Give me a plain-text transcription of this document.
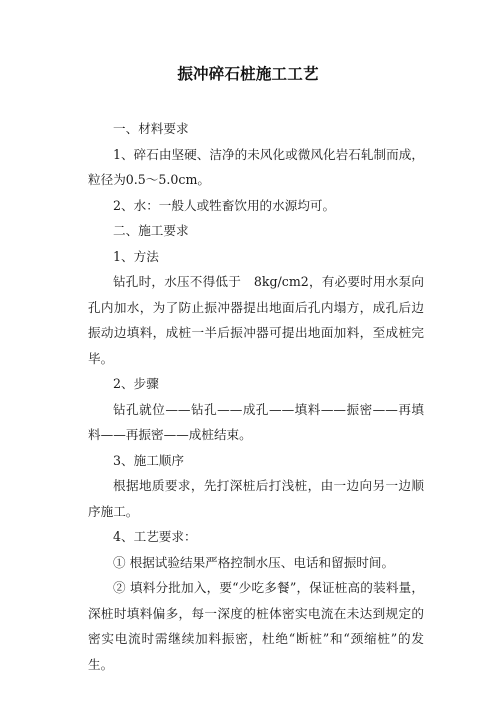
振冲碎石桩施工工艺

一、材料要求

1、碎石由坚硬、洁净的未风化或微风化岩石轧制而成，粒径为0.5～5.0cm。

2、水：一般人或牲畜饮用的水源均可。

二、施工要求

1、方法

钻孔时，水压不得低于　8kg/cm2，有必要时用水泵向孔内加水，为了防止振冲器提出地面后孔内塌方，成孔后边振动边填料，成桩一半后振冲器可提出地面加料，至成桩完毕。

2、步骤

钻孔就位——钻孔——成孔——填料——振密——再填料——再振密——成桩结束。

3、施工顺序

根据地质要求，先打深桩后打浅桩，由一边向另一边顺序施工。

4、工艺要求：

① 根据试验结果严格控制水压、电话和留振时间。

② 填料分批加入，要“少吃多餐”，保证桩高的装料量，深桩时填料偏多，每一深度的桩体密实电流在未达到规定的密实电流时需继续加料振密，杜绝“断桩”和“颈缩桩”的发生。
